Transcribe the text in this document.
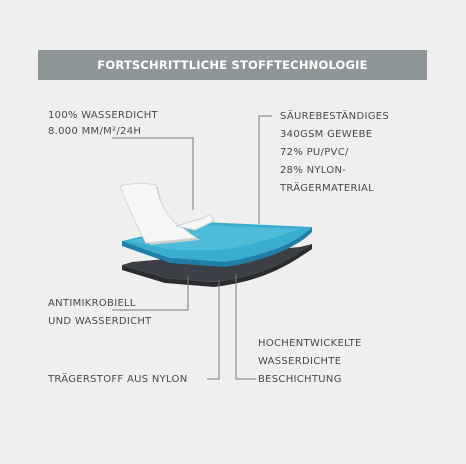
FORTSCHRITTLICHE STOFFTECHNOLOGIE
100% WASSERDICHT
8.000 MM/M²/24H
SÄUREBESTÄNDIGES
340GSM GEWEBE
72% PU/PVC/
28% NYLON-
TRÄGERMATERIAL
ANTIMIKROBIELL
UND WASSERDICHT
TRÄGERSTOFF AUS NYLON
HOCHENTWICKELTE
WASSERDICHTE
BESCHICHTUNG
